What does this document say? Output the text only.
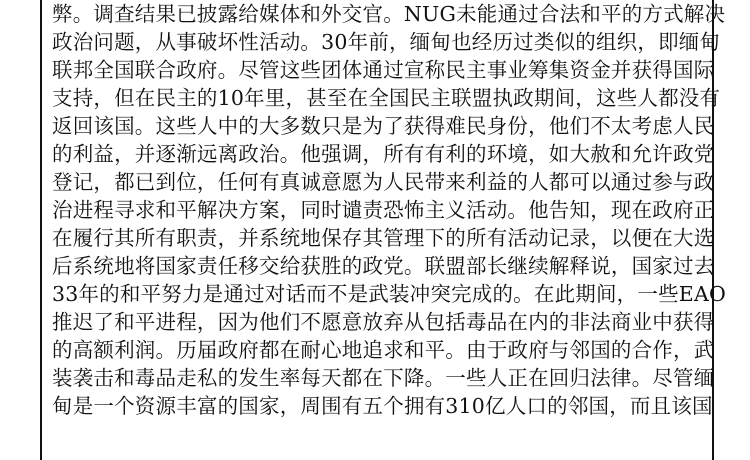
弊。调查结果已披露给媒体和外交官。NUG未能通过合法和平的方式解决
政治问题，从事破坏性活动。30年前，缅甸也经历过类似的组织，即缅甸
联邦全国联合政府。尽管这些团体通过宣称民主事业筹集资金并获得国际
支持，但在民主的10年里，甚至在全国民主联盟执政期间，这些人都没有
返回该国。这些人中的大多数只是为了获得难民身份，他们不太考虑人民
的利益，并逐渐远离政治。他强调，所有有利的环境，如大赦和允许政党
登记，都已到位，任何有真诚意愿为人民带来利益的人都可以通过参与政
治进程寻求和平解决方案，同时谴责恐怖主义活动。他告知，现在政府正
在履行其所有职责，并系统地保存其管理下的所有活动记录，以便在大选
后系统地将国家责任移交给获胜的政党。联盟部长继续解释说，国家过去
33年的和平努力是通过对话而不是武装冲突完成的。在此期间，一些EAO
推迟了和平进程，因为他们不愿意放弃从包括毒品在内的非法商业中获得
的高额利润。历届政府都在耐心地追求和平。由于政府与邻国的合作，武
装袭击和毒品走私的发生率每天都在下降。一些人正在回归法律。尽管缅
甸是一个资源丰富的国家，周围有五个拥有310亿人口的邻国，而且该国
